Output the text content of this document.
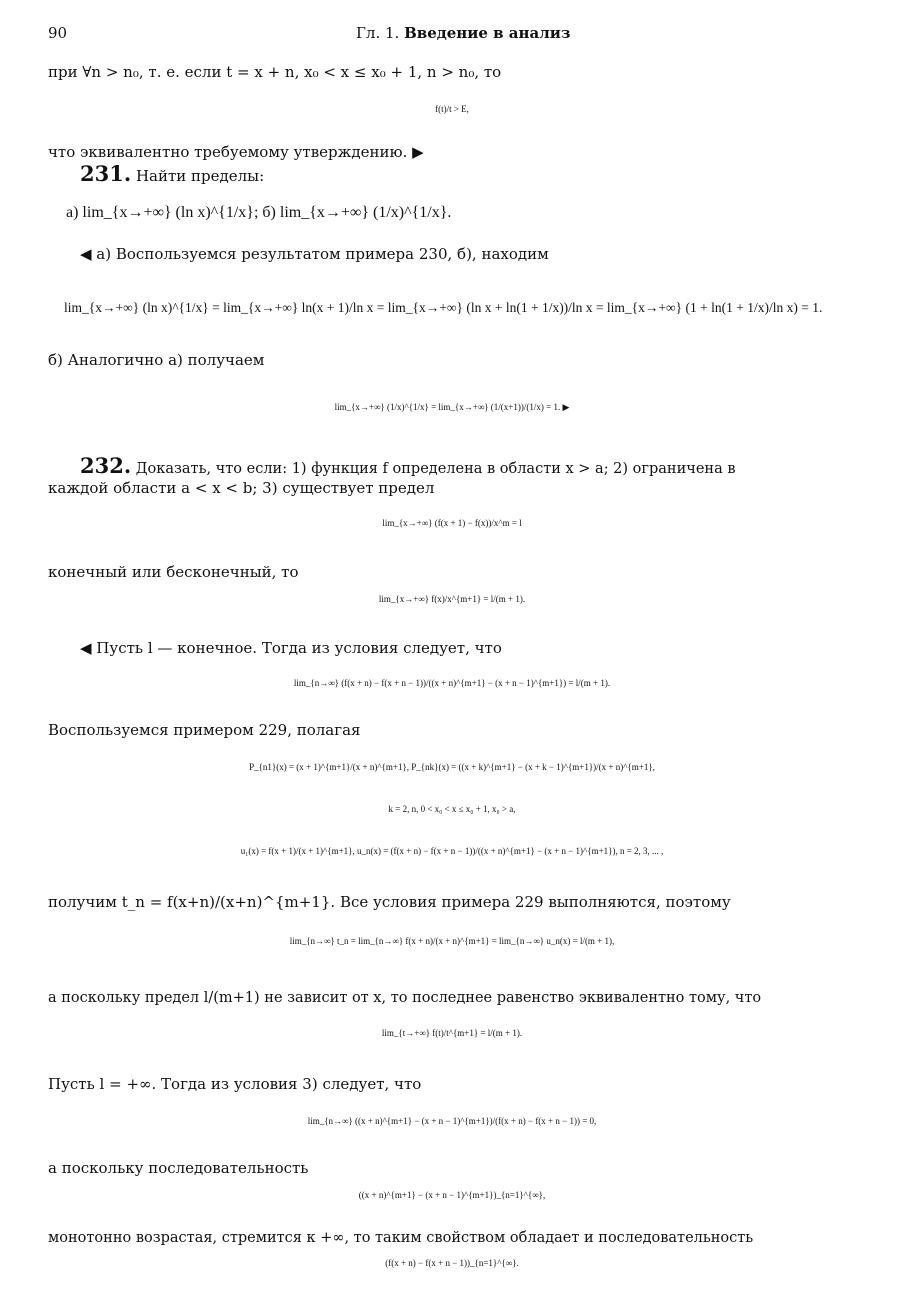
90	Гл. 1. Введение в анализ
при ∀n > n₀, т. е. если t = x + n, x₀ < x ≤ x₀ + 1, n > n₀, то
f(t)/t > E,
что эквивалентно требуемому утверждению. ▶
231. Найти пределы:
а) lim_{x→+∞} (ln x)^{1/x}; б) lim_{x→+∞} (1/x)^{1/x}.
◀ а) Воспользуемся результатом примера 230, б), находим
lim_{x→+∞} (ln x)^{1/x} = lim_{x→+∞} ln(x + 1)/ln x = lim_{x→+∞} (ln x + ln(1 + 1/x))/ln x = lim_{x→+∞} (1 + ln(1 + 1/x)/ln x) = 1.
б) Аналогично а) получаем
lim_{x→+∞} (1/x)^{1/x} = lim_{x→+∞} (1/(x+1))/(1/x) = 1. ▶
232. Доказать, что если: 1) функция f определена в области x > a; 2) ограничена в
каждой области a < x < b; 3) существует предел
lim_{x→+∞} (f(x + 1) − f(x))/x^m = l
конечный или бесконечный, то
lim_{x→+∞} f(x)/x^{m+1} = l/(m + 1).
◀ Пусть l — конечное. Тогда из условия следует, что
lim_{n→∞} (f(x + n) − f(x + n − 1))/((x + n)^{m+1} − (x + n − 1)^{m+1}) = l/(m + 1).
Воспользуемся примером 229, полагая
P_{n1}(x) = (x + 1)^{m+1}/(x + n)^{m+1}, P_{nk}(x) = ((x + k)^{m+1} − (x + k − 1)^{m+1})/(x + n)^{m+1},
k = 2, n, 0 < x₀ < x ≤ x₀ + 1, x₀ > a,
u₁(x) = f(x + 1)/(x + 1)^{m+1}, u_n(x) = (f(x + n) − f(x + n − 1))/((x + n)^{m+1} − (x + n − 1)^{m+1}), n = 2, 3, ... ,
получим t_n = f(x+n)/(x+n)^{m+1}. Все условия примера 229 выполняются, поэтому
lim_{n→∞} t_n = lim_{n→∞} f(x + n)/(x + n)^{m+1} = lim_{n→∞} u_n(x) = l/(m + 1),
а поскольку предел l/(m+1) не зависит от x, то последнее равенство эквивалентно тому, что
lim_{t→+∞} f(t)/t^{m+1} = l/(m + 1).
Пусть l = +∞. Тогда из условия 3) следует, что
lim_{n→∞} ((x + n)^{m+1} − (x + n − 1)^{m+1})/(f(x + n) − f(x + n − 1)) = 0,
а поскольку последовательность
((x + n)^{m+1} − (x + n − 1)^{m+1})_{n=1}^{∞},
монотонно возрастая, стремится к +∞, то таким свойством обладает и последовательность
(f(x + n) − f(x + n − 1))_{n=1}^{∞}.
